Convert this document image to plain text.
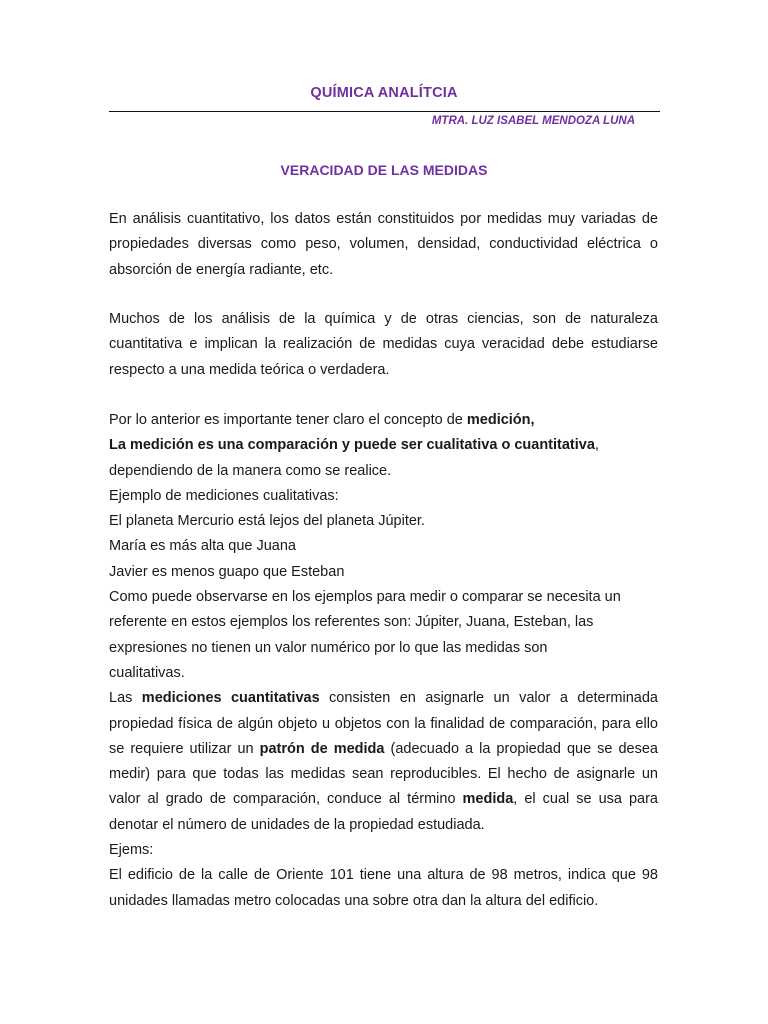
QUÍMICA ANALÍTCIA
MTRA. LUZ ISABEL MENDOZA LUNA
VERACIDAD DE LAS MEDIDAS
En análisis cuantitativo, los datos están constituidos por medidas muy variadas de propiedades diversas como peso, volumen, densidad, conductividad eléctrica o absorción de energía radiante, etc.
Muchos de los análisis de la química y de otras ciencias, son de naturaleza cuantitativa e implican la realización de medidas cuya veracidad debe estudiarse respecto a una medida teórica o verdadera.
Por lo anterior es importante tener claro el concepto de medición,
La medición es una comparación y puede ser cualitativa o cuantitativa,
dependiendo de la manera como se realice.
Ejemplo de mediciones cualitativas:
El planeta Mercurio está lejos del planeta Júpiter.
María es más alta que Juana
Javier es menos guapo que Esteban
Como puede observarse en los ejemplos para medir o comparar se necesita un
referente en estos ejemplos los referentes son: Júpiter, Juana, Esteban, las
expresiones no tienen un valor numérico por lo que las medidas son
cualitativas.
Las mediciones cuantitativas consisten en asignarle un valor a determinada propiedad física de algún objeto u objetos con la finalidad de comparación, para ello se requiere utilizar un patrón de medida (adecuado a la propiedad que se desea medir) para que todas las medidas sean reproducibles. El hecho de asignarle un valor al grado de comparación, conduce al término medida, el cual se usa para denotar el número de unidades de la propiedad estudiada.
Ejems:
El edificio de la calle de Oriente 101 tiene una altura de 98 metros, indica que 98 unidades llamadas metro colocadas una sobre otra dan la altura del edificio.
